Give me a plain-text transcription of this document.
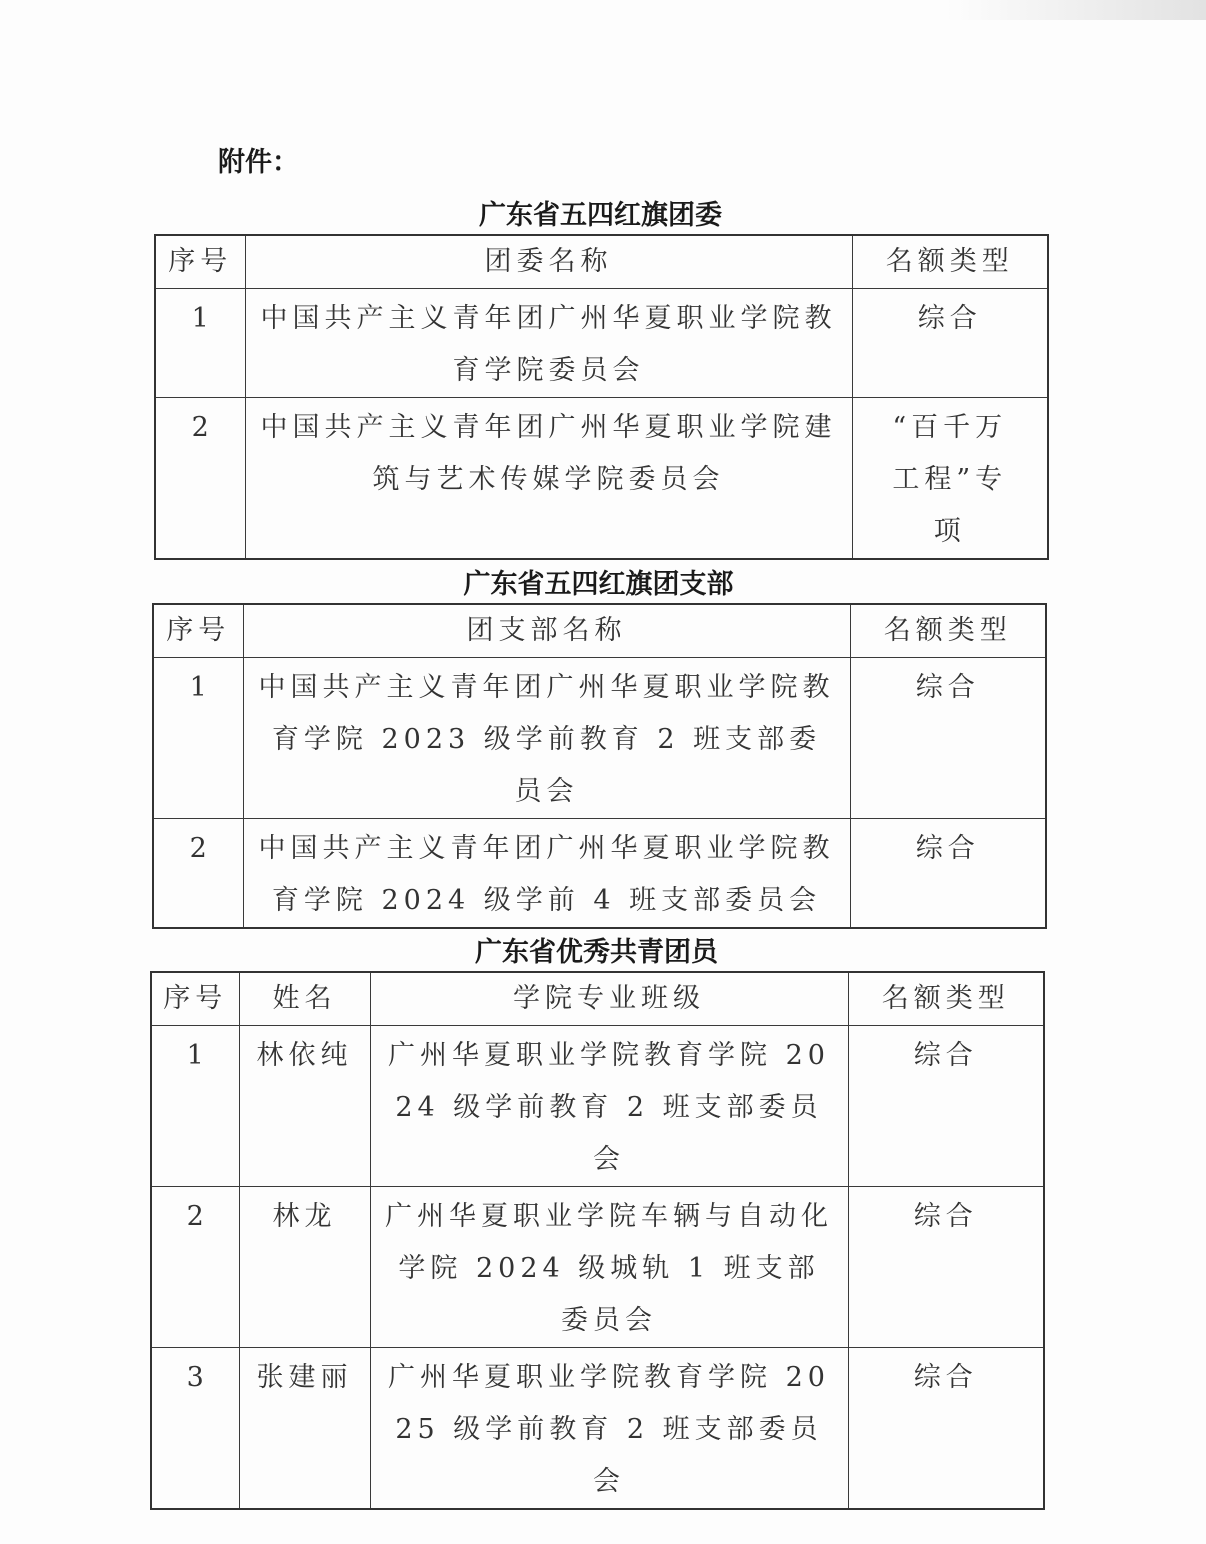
附件：
广东省五四红旗团委
序号	团委名称	名额类型

1	中国共产主义青年团广州华夏职业学院教育学院委员会	综合

2	中国共产主义青年团广州华夏职业学院建筑与艺术传媒学院委员会	“百千万工程”专项
广东省五四红旗团支部
序号	团支部名称	名额类型

1	中国共产主义青年团广州华夏职业学院教育学院 2023 级学前教育 2 班支部委员会	综合

2	中国共产主义青年团广州华夏职业学院教育学院 2024 级学前 4 班支部委员会	综合
广东省优秀共青团员
序号	姓名	学院专业班级	名额类型

1	林依纯	广州华夏职业学院教育学院 2024 级学前教育 2 班支部委员会	综合

2	林龙	广州华夏职业学院车辆与自动化学院 2024 级城轨 1 班支部委员会	综合

3	张建丽	广州华夏职业学院教育学院 2025 级学前教育 2 班支部委员会	综合
